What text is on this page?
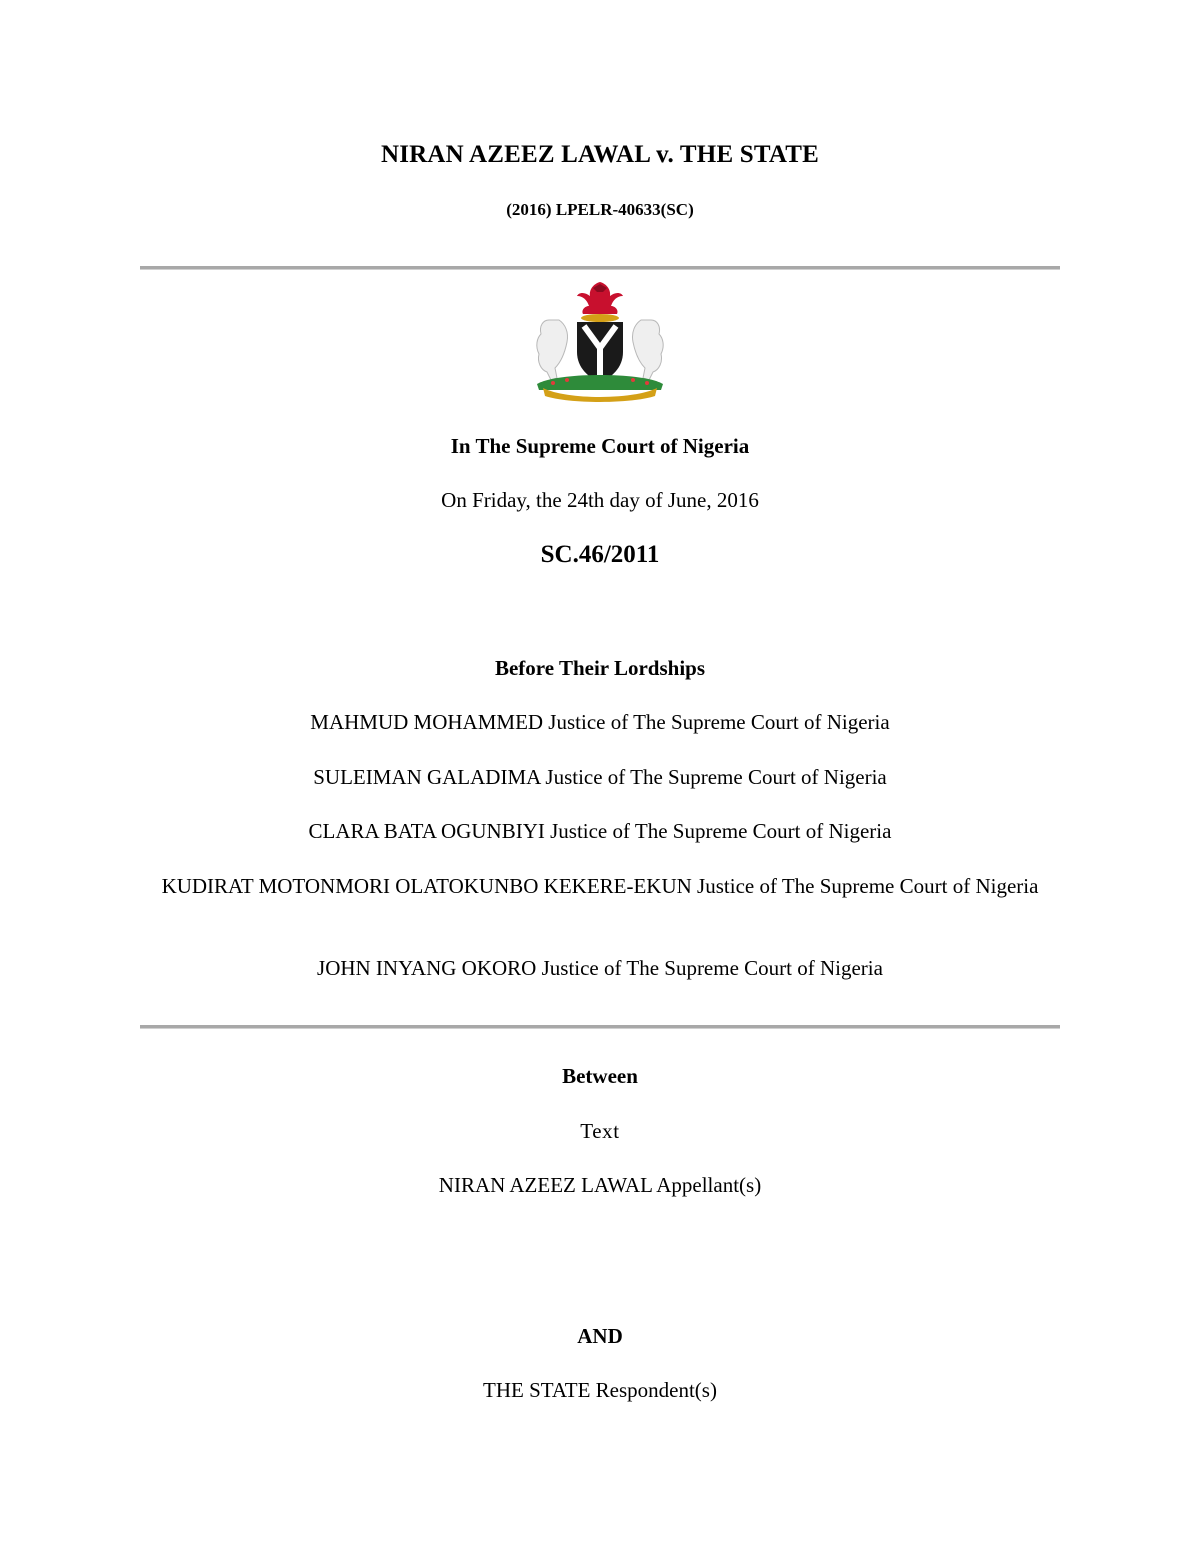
NIRAN AZEEZ LAWAL v. THE STATE
(2016) LPELR-40633(SC)
In The Supreme Court of Nigeria
On Friday, the 24th day of June, 2016
SC.46/2011
Before Their Lordships
MAHMUD MOHAMMED Justice of The Supreme Court of Nigeria
SULEIMAN GALADIMA Justice of The Supreme Court of Nigeria
CLARA BATA OGUNBIYI Justice of The Supreme Court of Nigeria
KUDIRAT MOTONMORI OLATOKUNBO KEKERE-EKUN Justice of The Supreme Court of Nigeria
JOHN INYANG OKORO Justice of The Supreme Court of Nigeria
Between
Text
NIRAN AZEEZ LAWAL Appellant(s)
AND
THE STATE Respondent(s)
